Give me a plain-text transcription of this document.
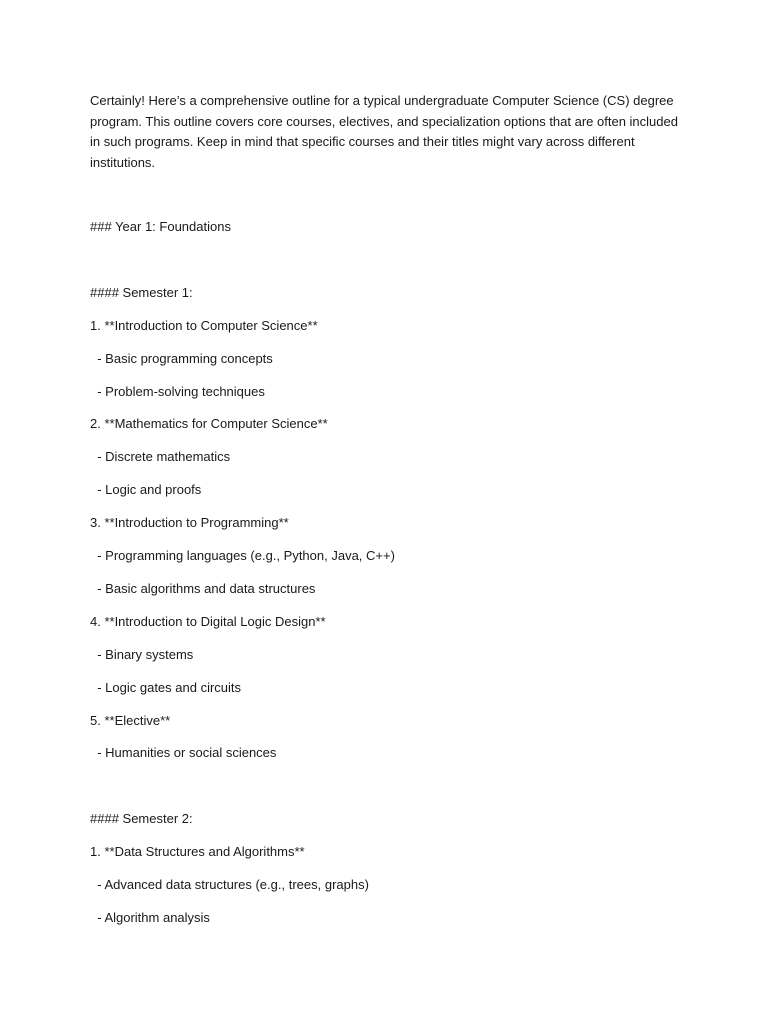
Certainly! Here’s a comprehensive outline for a typical undergraduate Computer Science (CS) degree program. This outline covers core courses, electives, and specialization options that are often included in such programs. Keep in mind that specific courses and their titles might vary across different institutions.

### Year 1: Foundations

#### Semester 1:

1. **Introduction to Computer Science**

- Basic programming concepts

- Problem-solving techniques

2. **Mathematics for Computer Science**

- Discrete mathematics

- Logic and proofs

3. **Introduction to Programming**

- Programming languages (e.g., Python, Java, C++)

- Basic algorithms and data structures

4. **Introduction to Digital Logic Design**

- Binary systems

- Logic gates and circuits

5. **Elective**

- Humanities or social sciences

#### Semester 2:

1. **Data Structures and Algorithms**

- Advanced data structures (e.g., trees, graphs)

- Algorithm analysis
